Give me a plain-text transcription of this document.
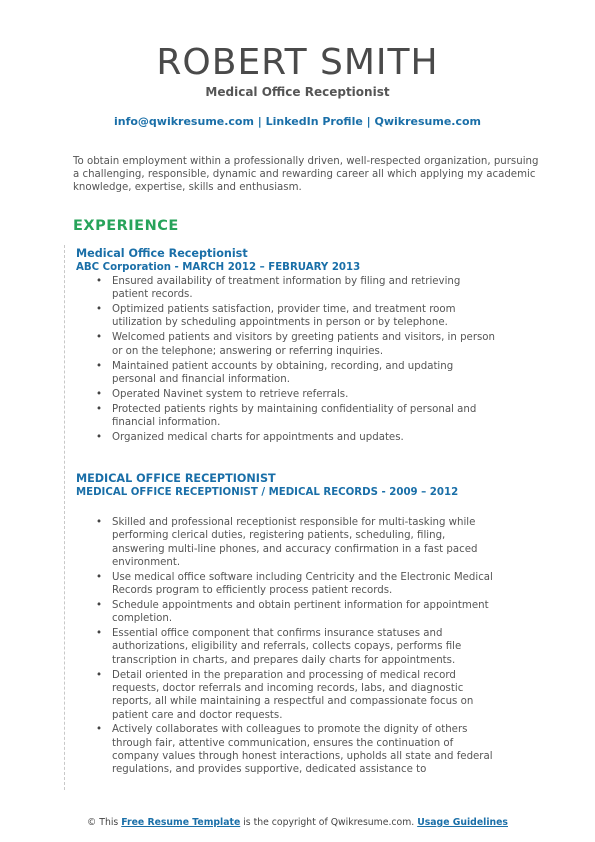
ROBERT SMITH
Medical Office Receptionist
info@qwikresume.com | LinkedIn Profile | Qwikresume.com
To obtain employment within a professionally driven, well-respected organization, pursuing a challenging, responsible, dynamic and rewarding career all which applying my academic knowledge, expertise, skills and enthusiasm.
EXPERIENCE
Medical Office Receptionist
ABC Corporation - MARCH 2012 – FEBRUARY 2013
• Ensured availability of treatment information by filing and retrieving patient records.
• Optimized patients satisfaction, provider time, and treatment room utilization by scheduling appointments in person or by telephone.
• Welcomed patients and visitors by greeting patients and visitors, in person or on the telephone; answering or referring inquiries.
• Maintained patient accounts by obtaining, recording, and updating personal and financial information.
• Operated Navinet system to retrieve referrals.
• Protected patients rights by maintaining confidentiality of personal and financial information.
• Organized medical charts for appointments and updates.
MEDICAL OFFICE RECEPTIONIST
MEDICAL OFFICE RECEPTIONIST / MEDICAL RECORDS - 2009 – 2012
• Skilled and professional receptionist responsible for multi-tasking while performing clerical duties, registering patients, scheduling, filing, answering multi-line phones, and accuracy confirmation in a fast paced environment.
• Use medical office software including Centricity and the Electronic Medical Records program to efficiently process patient records.
• Schedule appointments and obtain pertinent information for appointment completion.
• Essential office component that confirms insurance statuses and authorizations, eligibility and referrals, collects copays, performs file transcription in charts, and prepares daily charts for appointments.
• Detail oriented in the preparation and processing of medical record requests, doctor referrals and incoming records, labs, and diagnostic reports, all while maintaining a respectful and compassionate focus on patient care and doctor requests.
• Actively collaborates with colleagues to promote the dignity of others through fair, attentive communication, ensures the continuation of company values through honest interactions, upholds all state and federal regulations, and provides supportive, dedicated assistance to
© This Free Resume Template is the copyright of Qwikresume.com. Usage Guidelines
